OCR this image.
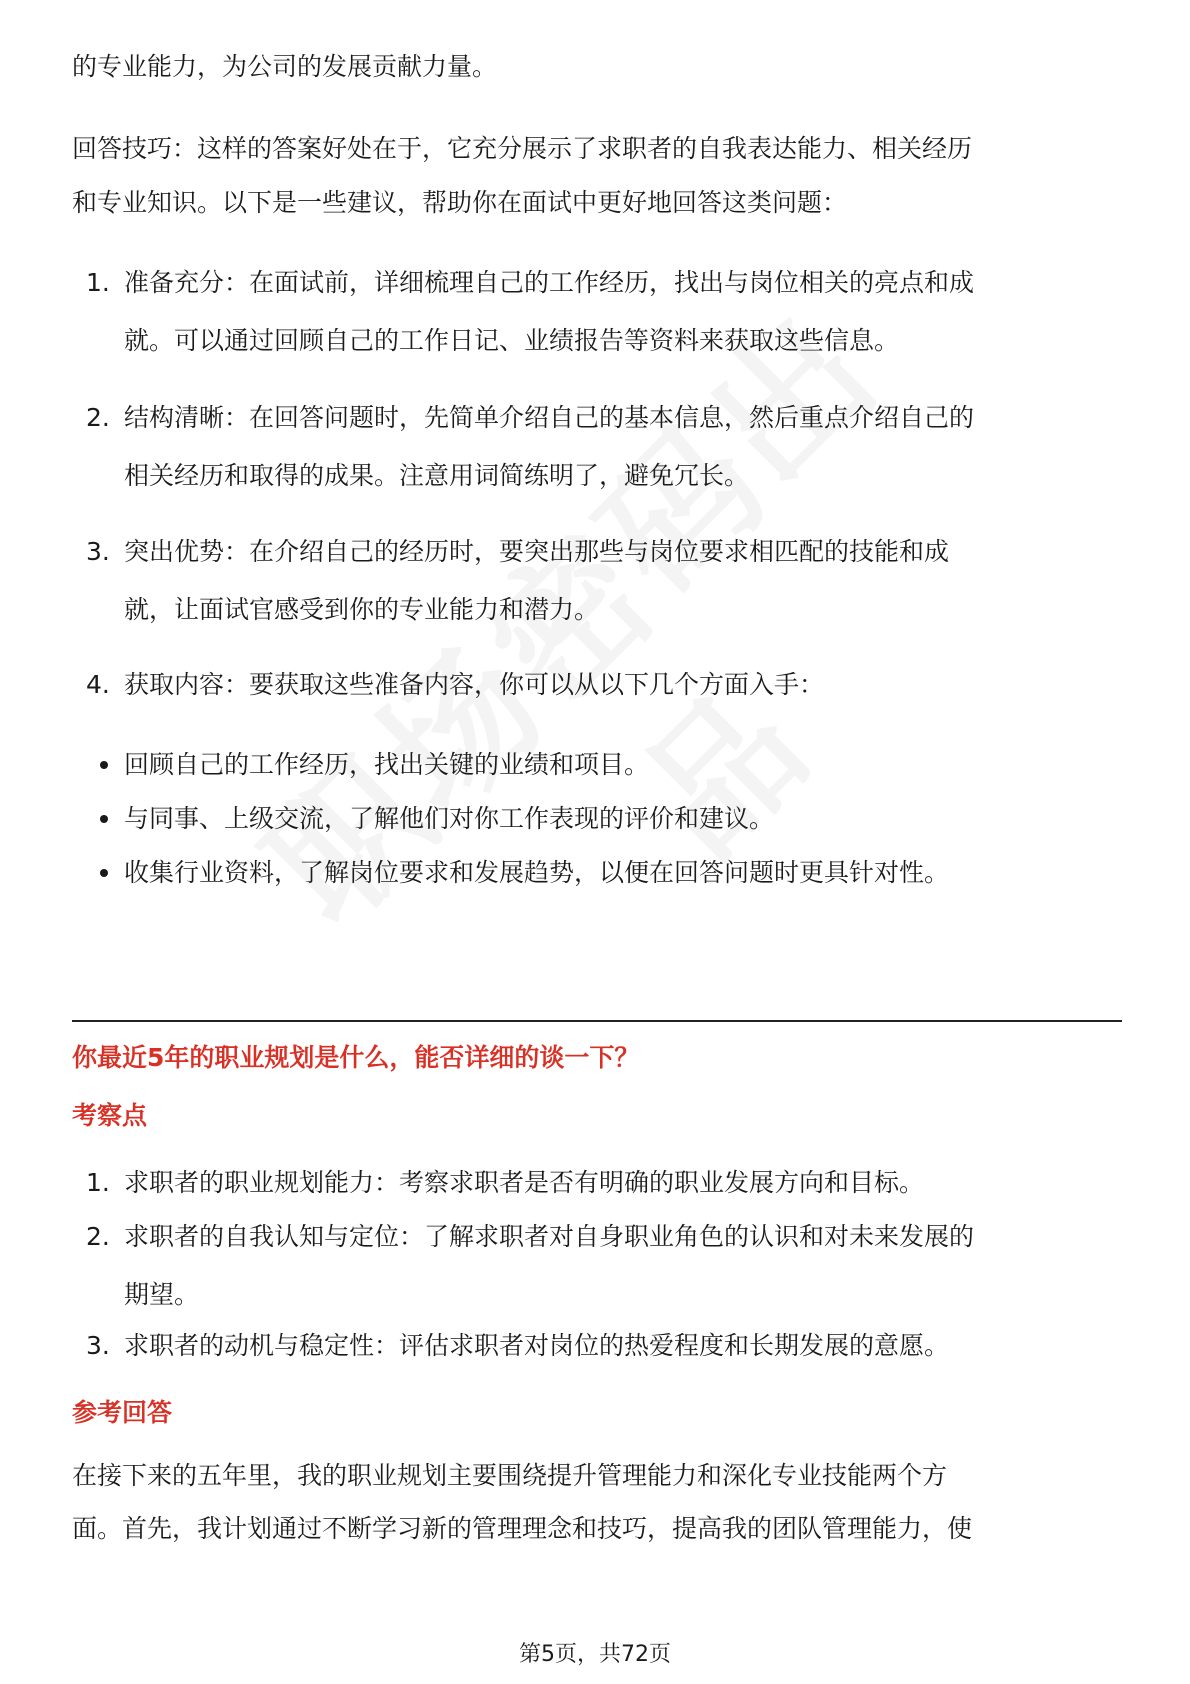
的专业能力，为公司的发展贡献力量。

回答技巧：这样的答案好处在于，它充分展示了求职者的自我表达能力、相关经历

和专业知识。以下是一些建议，帮助你在面试中更好地回答这类问题：

1. 准备充分：在面试前，详细梳理自己的工作经历，找出与岗位相关的亮点和成
就。可以通过回顾自己的工作日记、业绩报告等资料来获取这些信息。
2. 结构清晰：在回答问题时，先简单介绍自己的基本信息，然后重点介绍自己的
相关经历和取得的成果。注意用词简练明了，避免冗长。
3. 突出优势：在介绍自己的经历时，要突出那些与岗位要求相匹配的技能和成
就，让面试官感受到你的专业能力和潜力。
4. 获取内容：要获取这些准备内容，你可以从以下几个方面入手：
回顾自己的工作经历，找出关键的业绩和项目。
与同事、上级交流，了解他们对你工作表现的评价和建议。
收集行业资料，了解岗位要求和发展趋势，以便在回答问题时更具针对性。
你最近5年的职业规划是什么，能否详细的谈一下？
考察点
1. 求职者的职业规划能力：考察求职者是否有明确的职业发展方向和目标。
2. 求职者的自我认知与定位：了解求职者对自身职业角色的认识和对未来发展的
期望。
3. 求职者的动机与稳定性：评估求职者对岗位的热爱程度和长期发展的意愿。
参考回答

在接下来的五年里，我的职业规划主要围绕提升管理能力和深化专业技能两个方

面。首先，我计划通过不断学习新的管理理念和技巧，提高我的团队管理能力，使

第5页，共72页
